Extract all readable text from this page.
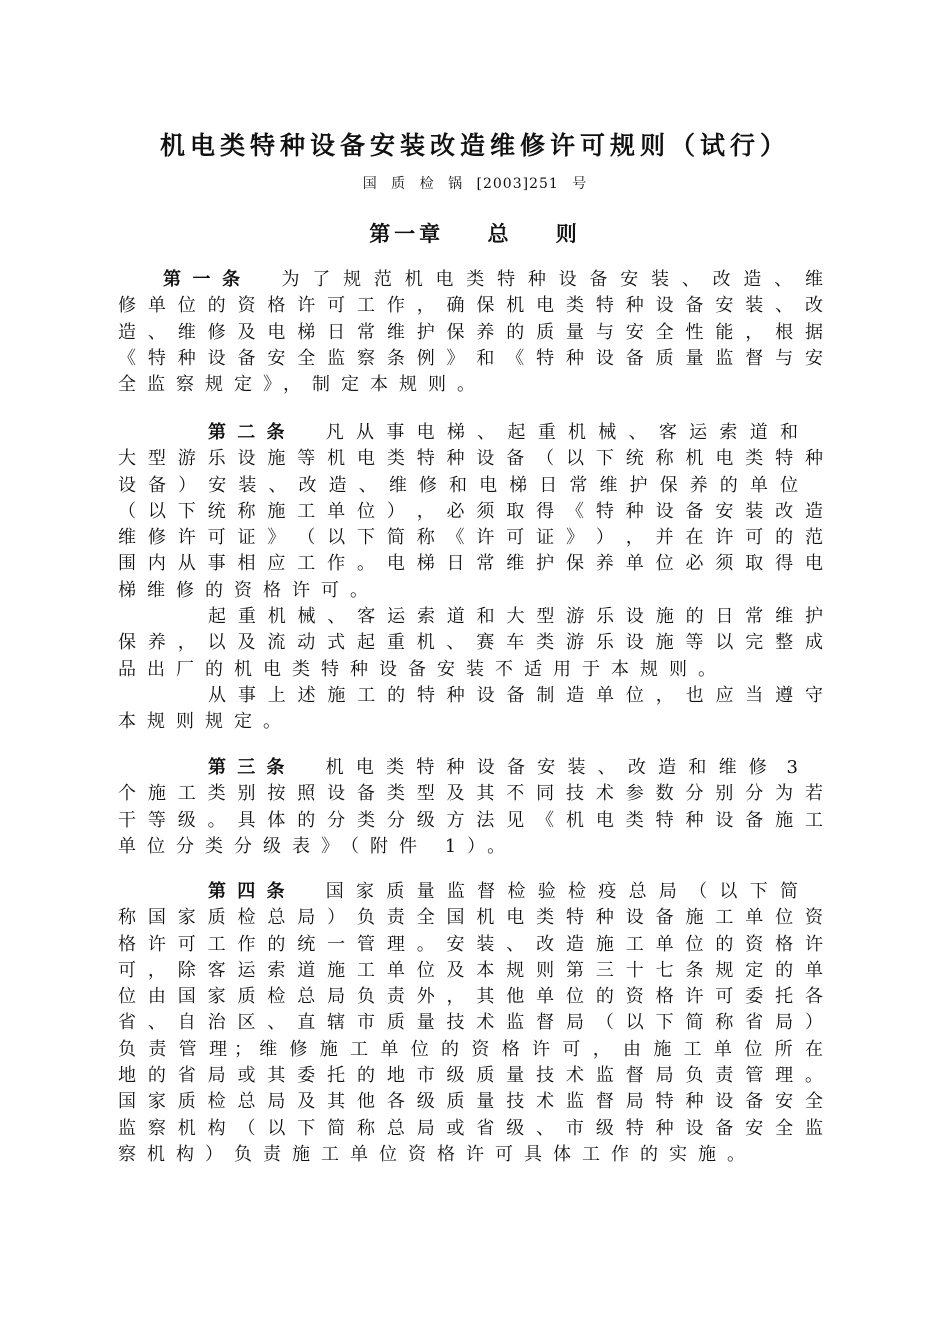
机电类特种设备安装改造维修许可规则（试行）
国 质 检 锅 [2003]251 号
第一章 总 则
第一条 为 了 规 范 机 电 类 特 种 设 备 安 装 、 改 造 、 维
修 单 位 的 资 格 许 可 工 作 ， 确 保 机 电 类 特 种 设 备 安 装 、 改
造 、 维 修 及 电 梯 日 常 维 护 保 养 的 质 量 与 安 全 性 能 ， 根 据
《 特 种 设 备 安 全 监 察 条 例 》 和 《 特 种 设 备 质 量 监 督 与 安
全监察规定》，制定本规则。
第二条 凡 从 事 电 梯 、 起 重 机 械 、 客 运 索 道 和
大 型 游 乐 设 施 等 机 电 类 特 种 设 备 （ 以 下 统 称 机 电 类 特 种
设 备 ） 安 装 、 改 造 、 维 修 和 电 梯 日 常 维 护 保 养 的 单 位
（ 以 下 统 称 施 工 单 位 ） ， 必 须 取 得 《 特 种 设 备 安 装 改 造
维 修 许 可 证 》 （ 以 下 简 称 《 许 可 证 》 ） ， 并 在 许 可 的 范
围 内 从 事 相 应 工 作 。 电 梯 日 常 维 护 保 养 单 位 必 须 取 得 电
梯维修的资格许可。
起 重 机 械 、 客 运 索 道 和 大 型 游 乐 设 施 的 日 常 维 护
保 养 ， 以 及 流 动 式 起 重 机 、 赛 车 类 游 乐 设 施 等 以 完 整 成
品出厂的机电类特种设备安装不适用于本规则。
从 事 上 述 施 工 的 特 种 设 备 制 造 单 位 ， 也 应 当 遵 守
本规则规定。
第三条 机 电 类 特 种 设 备 安 装 、 改 造 和 维 修   3
个 施 工 类 别 按 照 设 备 类 型 及 其 不 同 技 术 参 数 分 别 分 为 若
干 等 级 。 具 体 的 分 类 分 级 方 法 见 《 机 电 类 特 种 设 备 施 工
单位分类分级表》（附件 1）。
第四条 国 家 质 量 监 督 检 验 检 疫 总 局 （ 以 下 简
称 国 家 质 检 总 局 ） 负 责 全 国 机 电 类 特 种 设 备 施 工 单 位 资
格 许 可 工 作 的 统 一 管 理 。 安 装 、 改 造 施 工 单 位 的 资 格 许
可 ， 除 客 运 索 道 施 工 单 位 及 本 规 则 第 三 十 七 条 规 定 的 单
位 由 国 家 质 检 总 局 负 责 外 ， 其 他 单 位 的 资 格 许 可 委 托 各
省 、 自 治 区 、 直 辖 市 质 量 技 术 监 督 局 （ 以 下 简 称 省 局 ）
负 责 管 理 ； 维 修 施 工 单 位 的 资 格 许 可 ， 由 施 工 单 位 所 在
地 的 省 局 或 其 委 托 的 地 市 级 质 量 技 术 监 督 局 负 责 管 理 。
国 家 质 检 总 局 及 其 他 各 级 质 量 技 术 监 督 局 特 种 设 备 安 全
监 察 机 构 （ 以 下 简 称 总 局 或 省 级 、 市 级 特 种 设 备 安 全 监
察机构）负责施工单位资格许可具体工作的实施。
